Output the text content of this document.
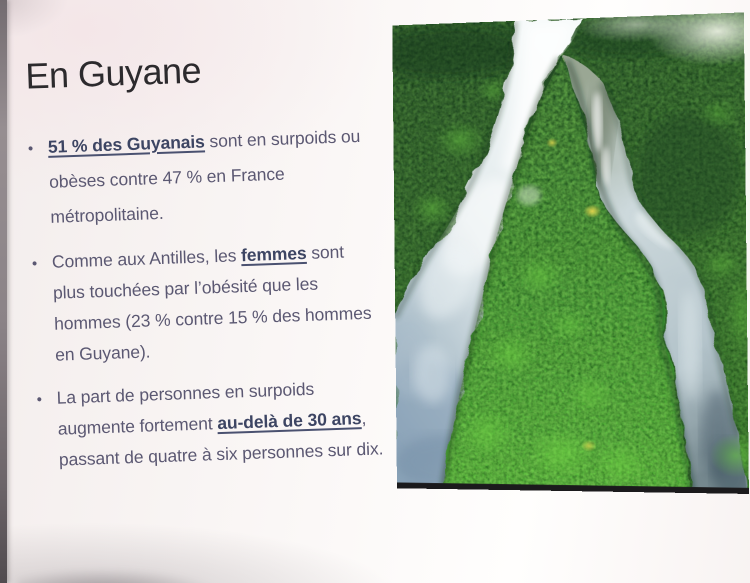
En Guyane
• 51 % des Guyanais sont en surpoids ou
obèses contre 47 % en France
métropolitaine.
• Comme aux Antilles, les femmes sont
plus touchées par l’obésité que les
hommes (23 % contre 15 % des hommes
en Guyane).
• La part de personnes en surpoids
augmente fortement au-delà de 30 ans,
passant de quatre à six personnes sur dix.
